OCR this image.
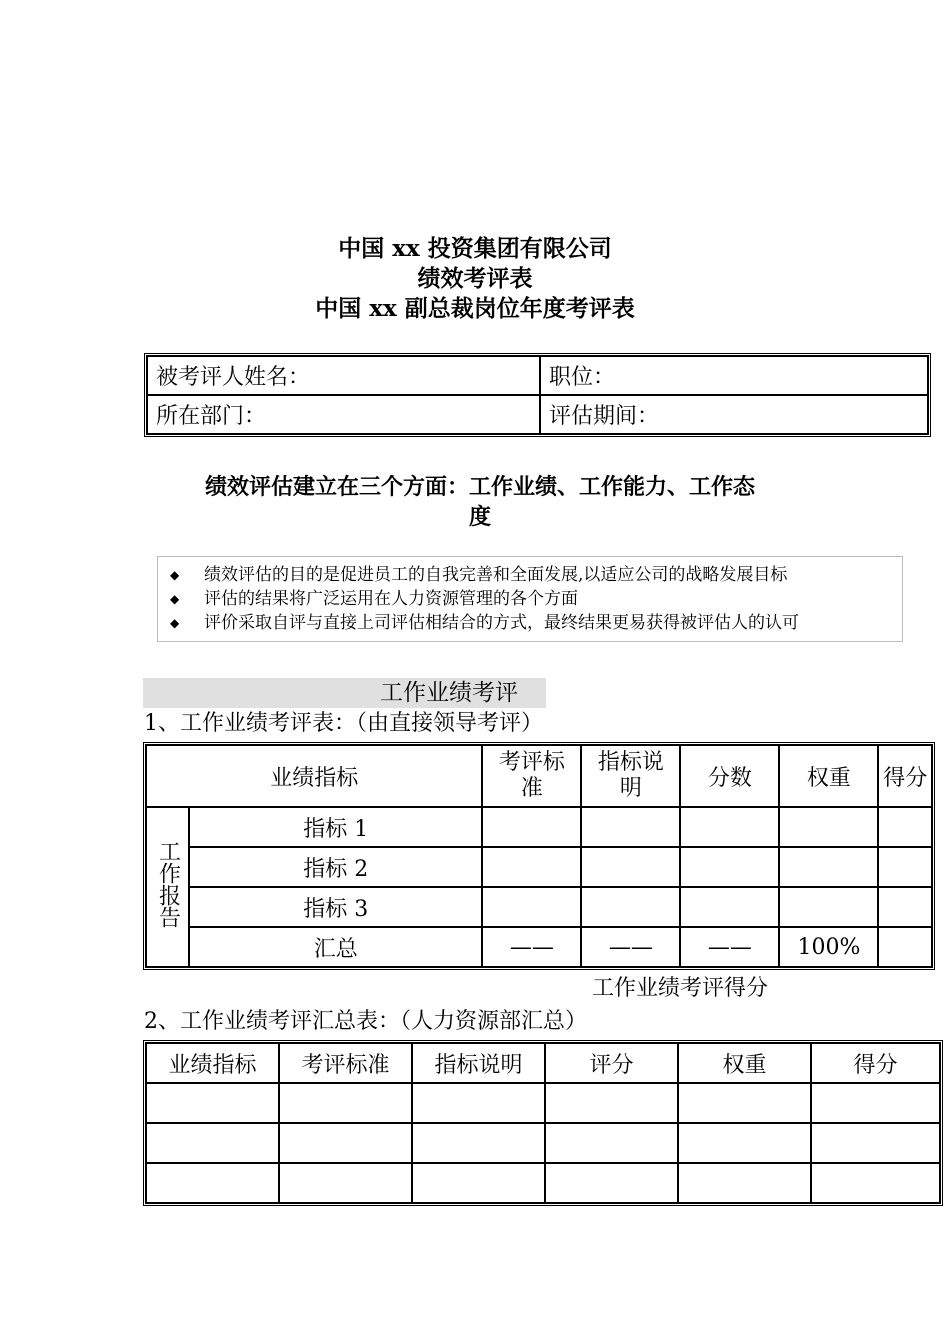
中国 xx 投资集团有限公司
绩效考评表
中国 xx 副总裁岗位年度考评表
被考评人姓名：	职位：
所在部门：	评估期间：
绩效评估建立在三个方面：工作业绩、工作能力、工作态
度
◆ 绩效评估的目的是促进员工的自我完善和全面发展,以适应公司的战略发展目标
◆ 评估的结果将广泛运用在人力资源管理的各个方面
◆ 评价采取自评与直接上司评估相结合的方式，最终结果更易获得被评估人的认可
工作业绩考评
1、工作业绩考评表：（由直接领导考评）
业绩指标		考评标准	指标说明	分数	权重	得分
工作报告	指标 1					
	指标 2					
	指标 3					
	汇总	——	——	——	100%	
工作业绩考评得分
2、工作业绩考评汇总表：（人力资源部汇总）
业绩指标	考评标准	指标说明	评分	权重	得分
